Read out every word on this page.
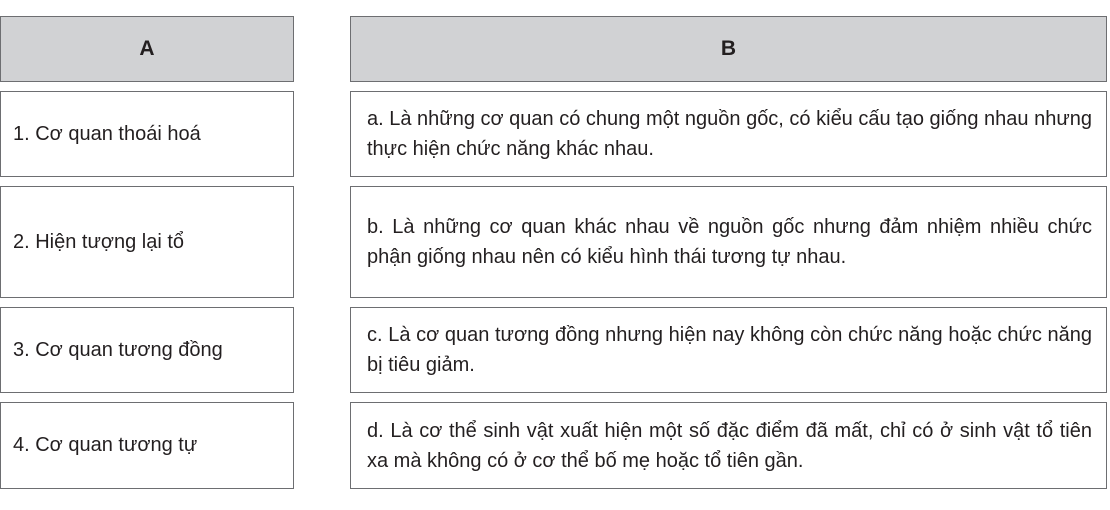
A
1. Cơ quan thoái hoá
2. Hiện tượng lại tổ
3. Cơ quan tương đồng
4. Cơ quan tương tự
B
a. Là những cơ quan có chung một nguồn gốc, có kiểu cấu tạo giống nhau nhưng thực hiện chức năng khác nhau.
b. Là những cơ quan khác nhau về nguồn gốc nhưng đảm nhiệm nhiều chức phận giống nhau nên có kiểu hình thái tương tự nhau.
c. Là cơ quan tương đồng nhưng hiện nay không còn chức năng hoặc chức năng bị tiêu giảm.
d. Là cơ thể sinh vật xuất hiện một số đặc điểm đã mất, chỉ có ở sinh vật tổ tiên xa mà không có ở cơ thể bố mẹ hoặc tổ tiên gần.
